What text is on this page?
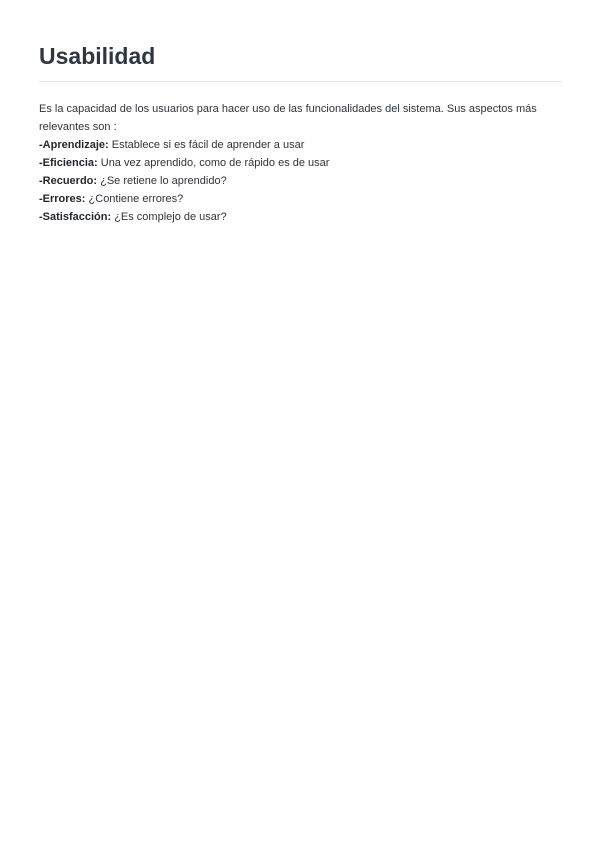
Usabilidad

Es la capacidad de los usuarios para hacer uso de las funcionalidades del sistema. Sus aspectos más relevantes son :

-Aprendizaje: Establece si es fácil de aprender a usar
-Eficiencia: Una vez aprendido, como de rápido es de usar
-Recuerdo: ¿Se retiene lo aprendido?
-Errores: ¿Contiene errores?
-Satisfacción: ¿Es complejo de usar?
